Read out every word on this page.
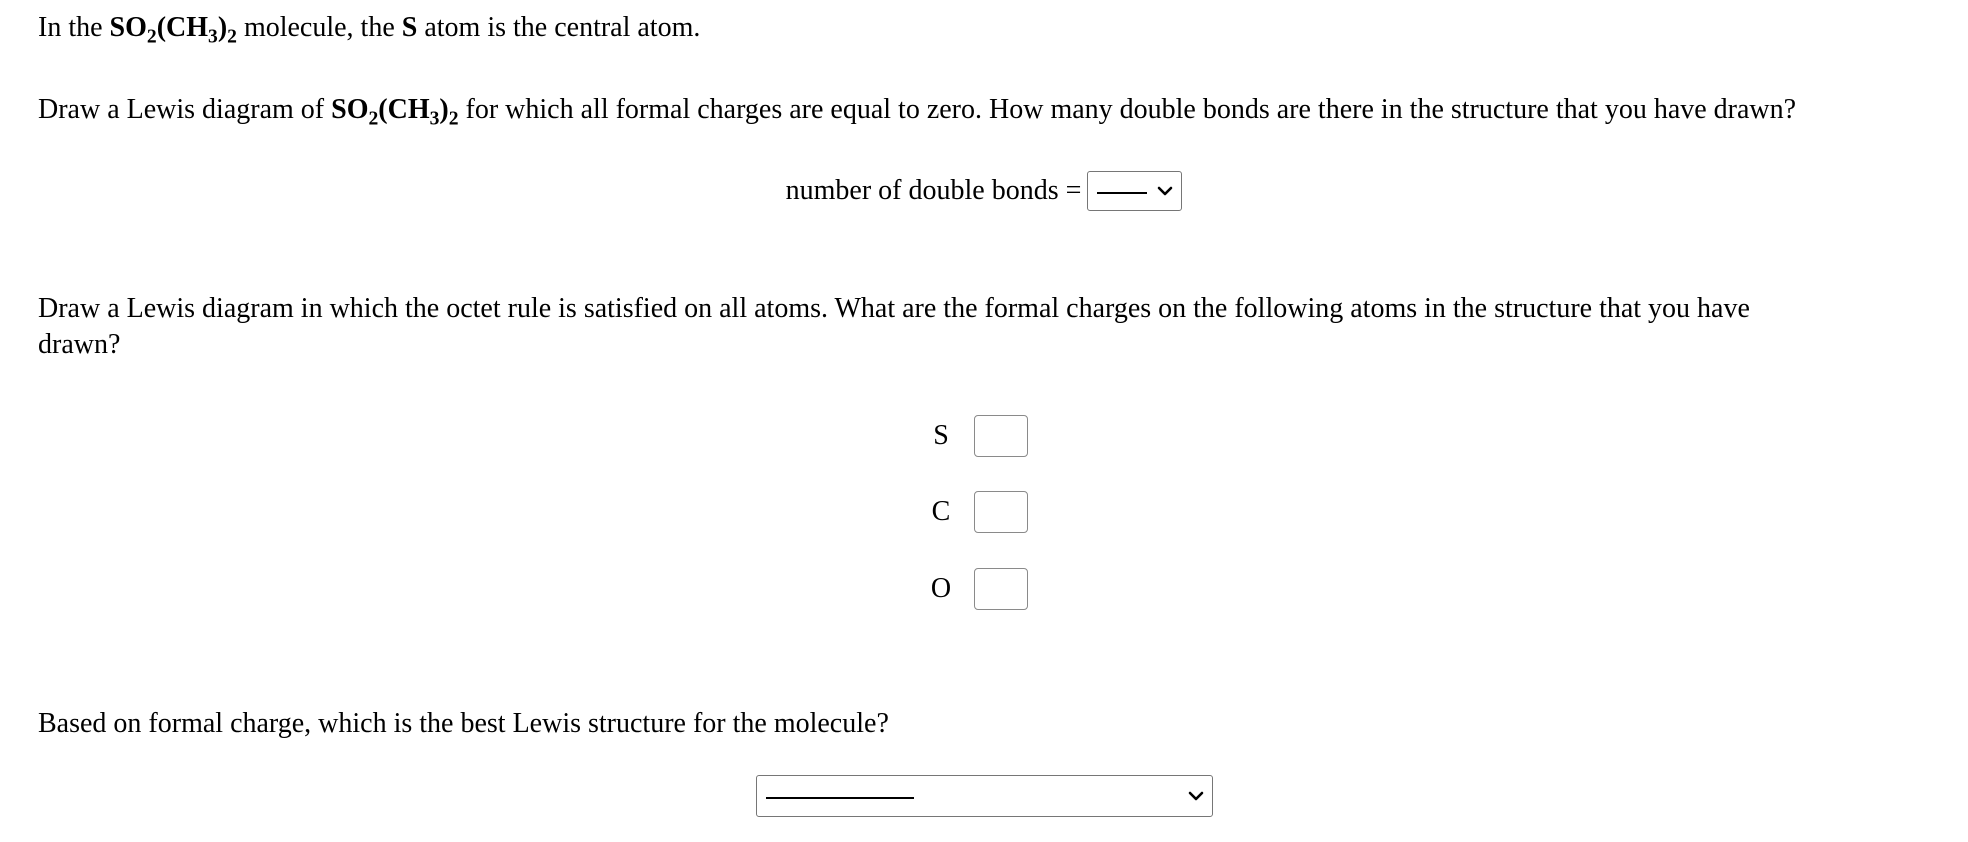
In the $SO_2(CH_3)_2$ molecule, the S atom is the central atom.
Draw a Lewis diagram of $SO_2(CH_3)_2$ for which all formal charges are equal to zero. How many double bonds are there in the structure that you have drawn?
number of double bonds =
Draw a Lewis diagram in which the octet rule is satisfied on all atoms. What are the formal charges on the following atoms in the structure that you have
drawn?
S
C
O
Based on formal charge, which is the best Lewis structure for the molecule?
